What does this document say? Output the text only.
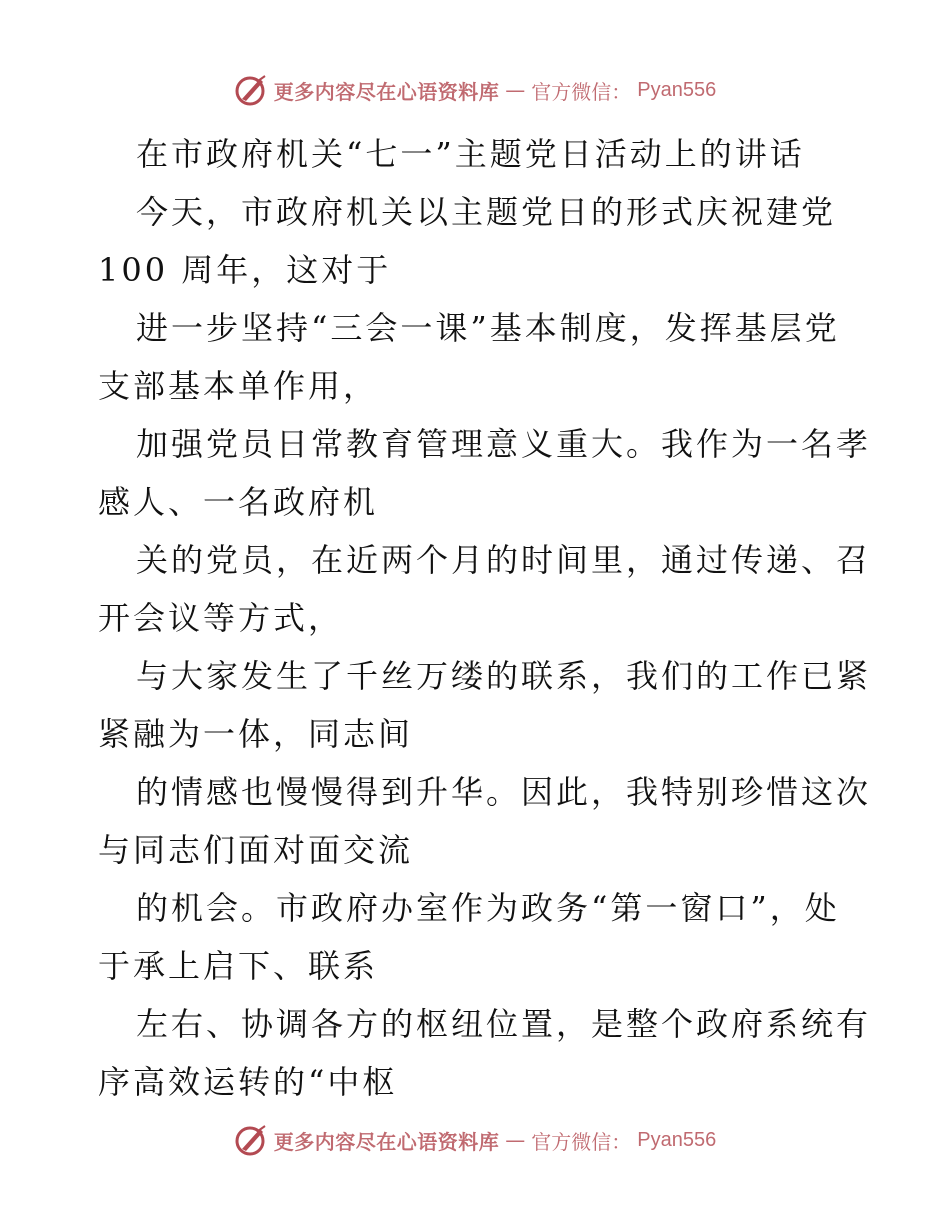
更多内容尽在心语资料库 — 官方微信： Pyan556
在市政府机关“七一”主题党日活动上的讲话
今天，市政府机关以主题党日的形式庆祝建党
100 周年，这对于
进一步坚持“三会一课”基本制度，发挥基层党
支部基本单作用，
加强党员日常教育管理意义重大。我作为一名孝
感人、一名政府机
关的党员，在近两个月的时间里，通过传递、召
开会议等方式，
与大家发生了千丝万缕的联系，我们的工作已紧
紧融为一体，同志间
的情感也慢慢得到升华。因此，我特别珍惜这次
与同志们面对面交流
的机会。市政府办室作为政务“第一窗口”，处
于承上启下、联系
左右、协调各方的枢纽位置，是整个政府系统有
序高效运转的“中枢
更多内容尽在心语资料库 — 官方微信： Pyan556
